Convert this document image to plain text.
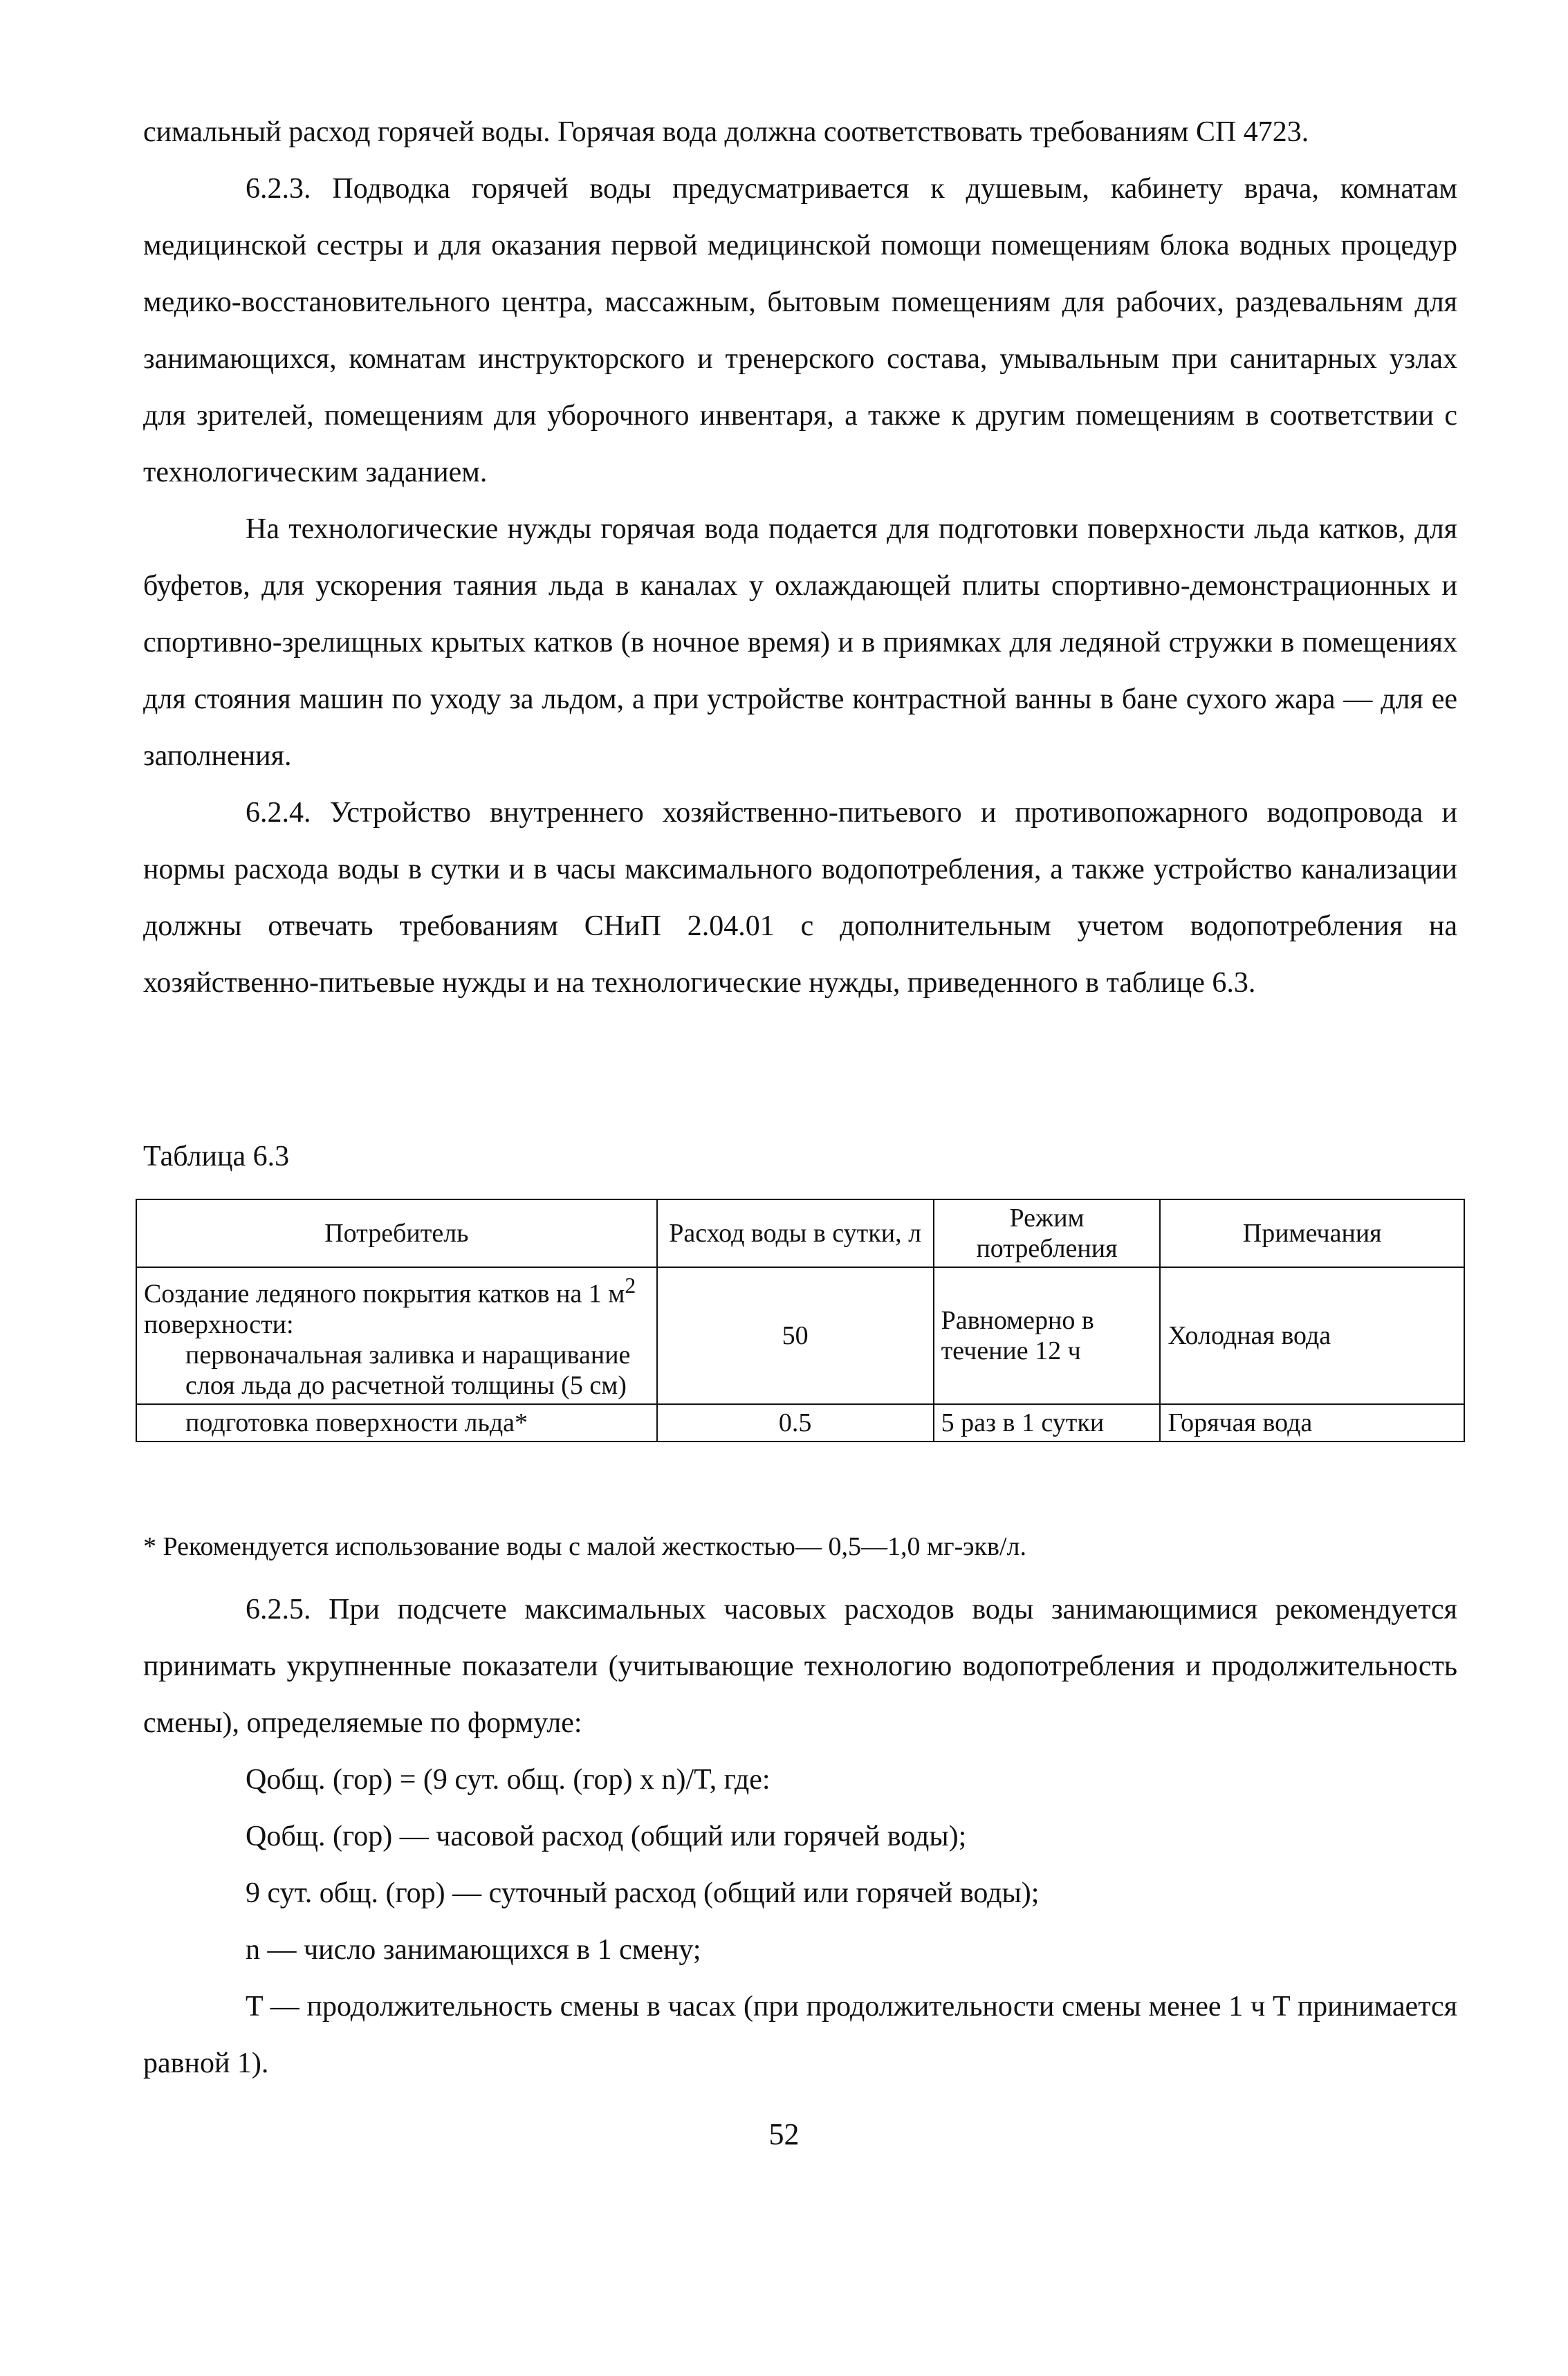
симальный расход горячей воды. Горячая вода должна соответствовать требованиям СП 4723.

6.2.3. Подводка горячей воды предусматривается к душевым, кабинету врача, комнатам медицинской сестры и для оказания первой медицинской помощи помещениям блока водных процедур медико-восстановительного центра, массажным, бытовым помещениям для рабочих, раздевальням для занимающихся, комнатам инструкторского и тренерского состава, умывальным при санитарных узлах для зрителей, помещениям для уборочного инвентаря, а также к другим помещениям в соответствии с технологическим заданием.

На технологические нужды горячая вода подается для подготовки поверхности льда катков, для буфетов, для ускорения таяния льда в каналах у охлаждающей плиты спортивно-демонстрационных и спортивно-зрелищных крытых катков (в ночное время) и в приямках для ледяной стружки в помещениях для стояния машин по уходу за льдом, а при устройстве контрастной ванны в бане сухого жара — для ее заполнения.

6.2.4. Устройство внутреннего хозяйственно-питьевого и противопожарного водопровода и нормы расхода воды в сутки и в часы максимального водопотребления, а также устройство канализации должны отвечать требованиям СНиП 2.04.01 с дополнительным учетом водопотребления на хозяйственно-питьевые нужды и на технологические нужды, приведенного в таблице 6.3.

Таблица 6.3
Потребитель	Расход воды в сутки, л	Режим потребления	Примечания

Создание ледяного покрытия катков на 1 $м^2$ поверхности:
первоначальная заливка и наращивание слоя льда до расчетной толщины (5 см)	50	Равномерно в течение 12 ч	Холодная вода
подготовка поверхности льда*	0.5	5 раз в 1 сутки	Горячая вода
* Рекомендуется использование воды с малой жесткостью— 0,5—1,0 мг-экв/л.

6.2.5. При подсчете максимальных часовых расходов воды занимающимися рекомендуется принимать укрупненные показатели (учитывающие технологию водопотребления и продолжительность смены), определяемые по формуле:

Qобщ. (гор) = (9 сут. общ. (гор) х n)/T, где:

Qобщ. (гор) — часовой расход (общий или горячей воды);

9 сут. общ. (гор) — суточный расход (общий или горячей воды);

n — число занимающихся в 1 смену;

T — продолжительность смены в часах (при продолжительности смены менее 1 ч T принимается равной 1).

52
